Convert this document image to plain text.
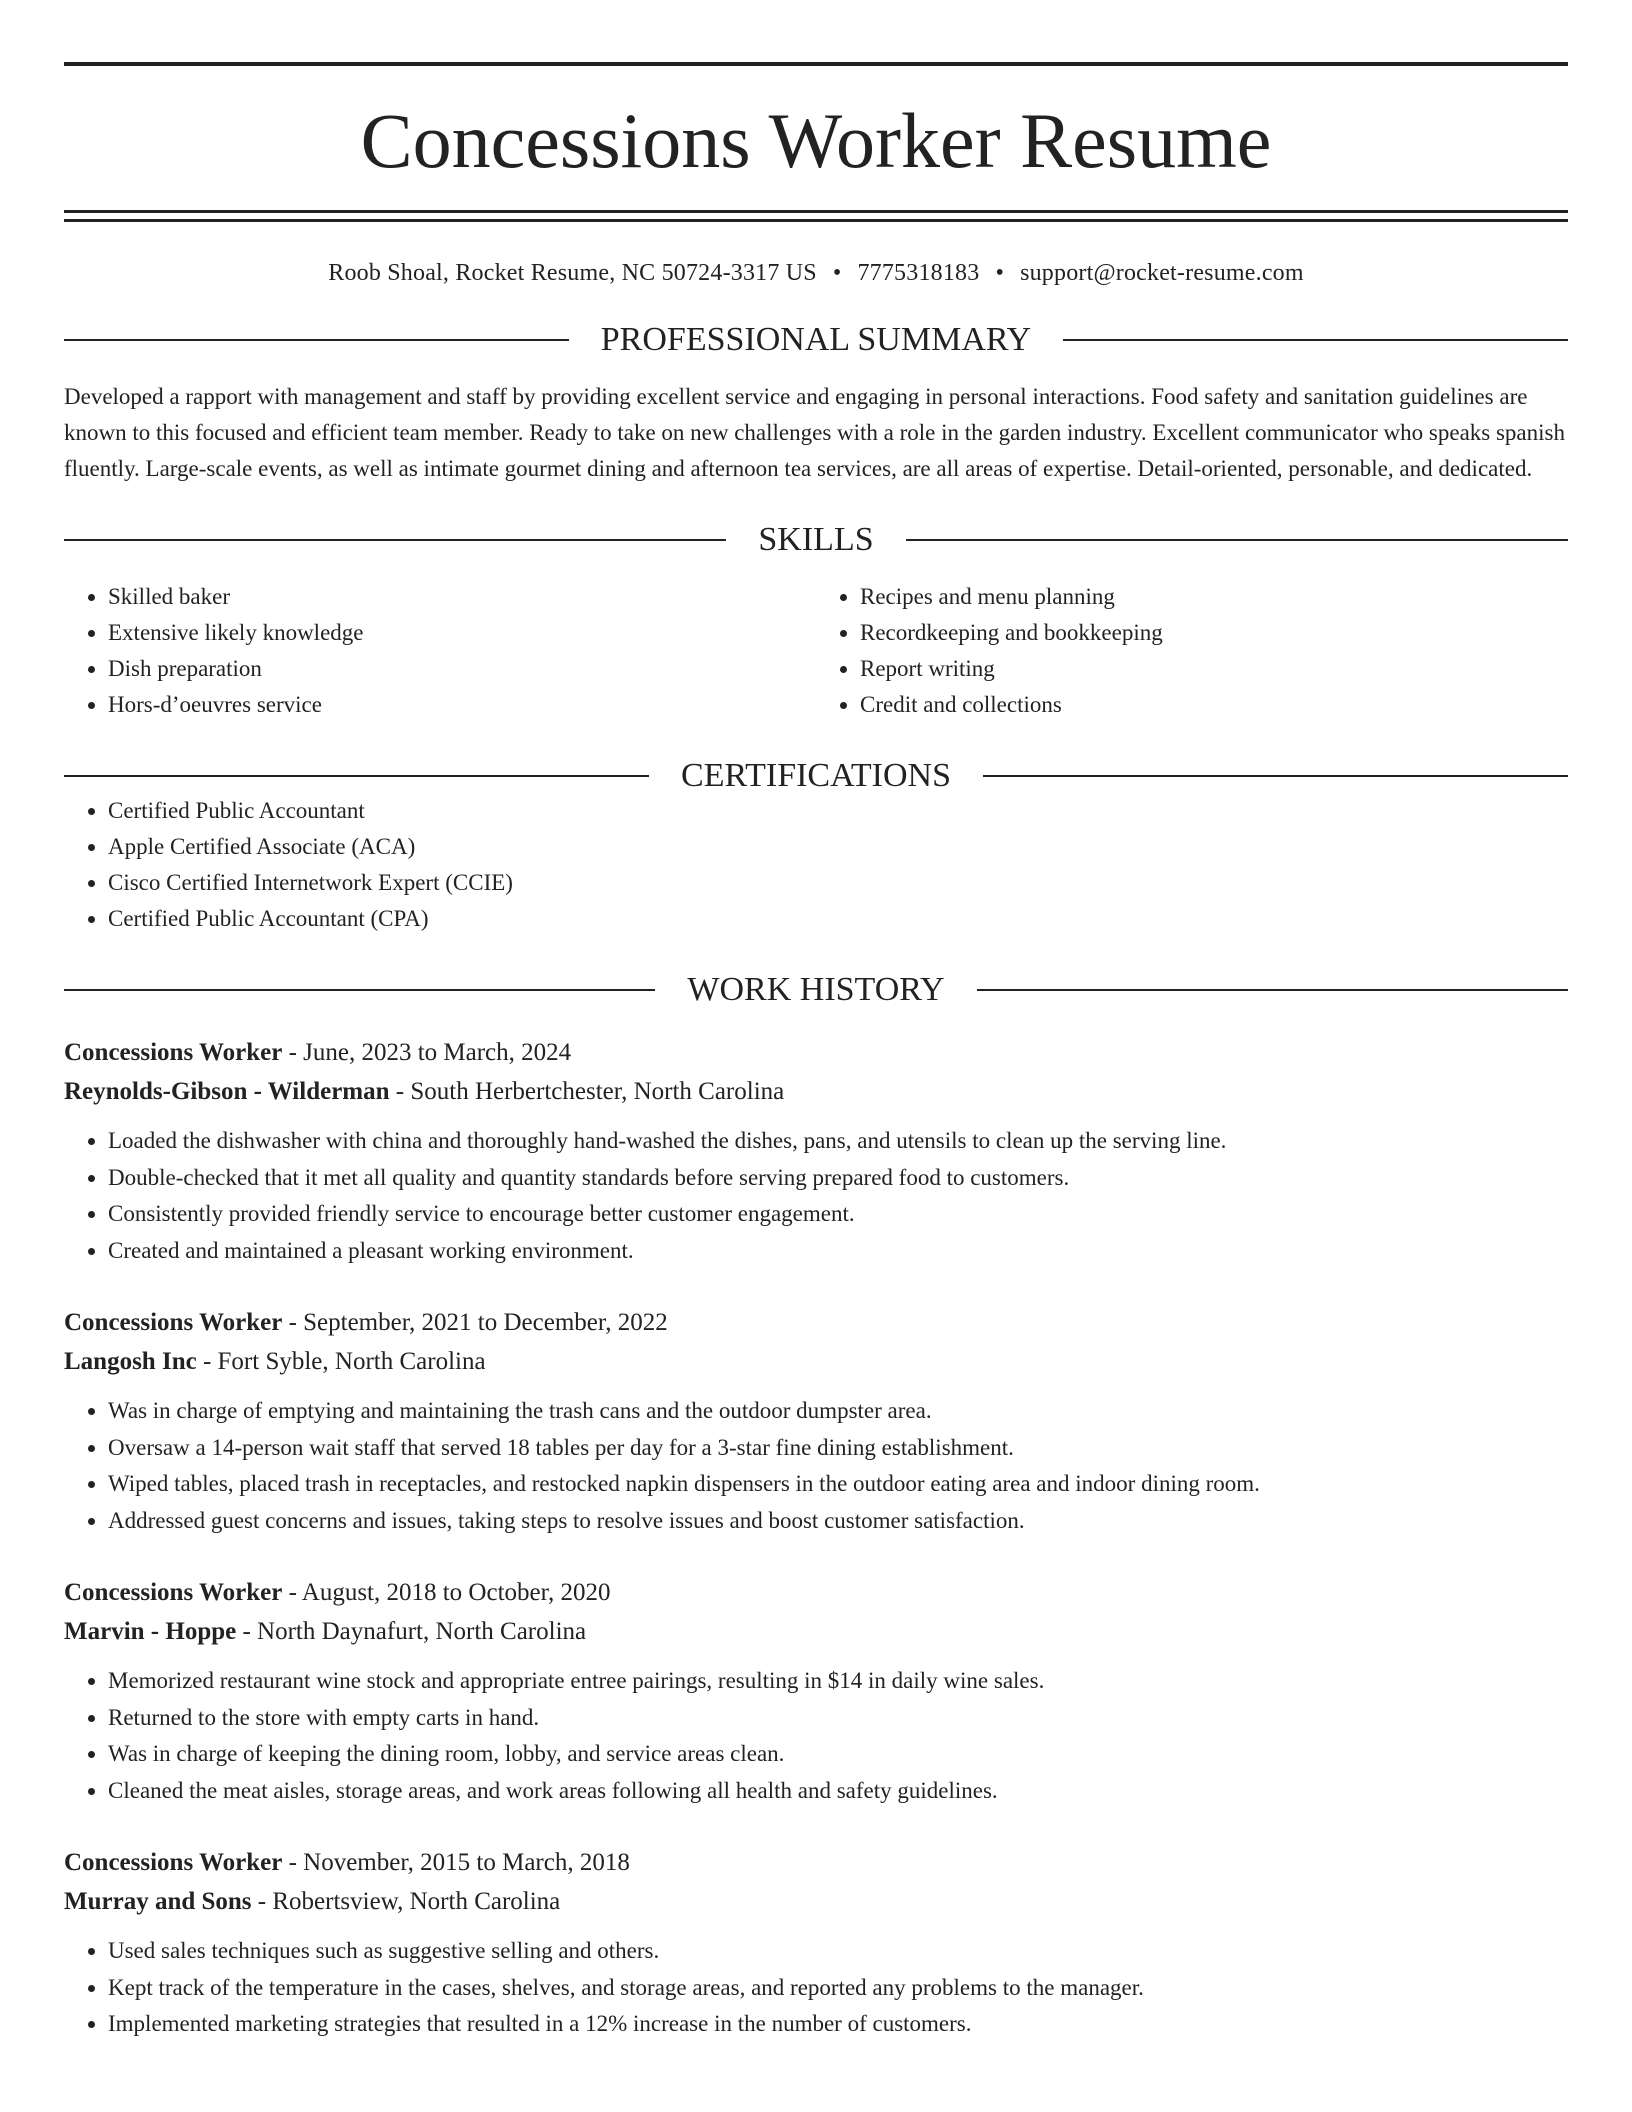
Concessions Worker Resume
Roob Shoal, Rocket Resume, NC 50724-3317 US • 7775318183 • support@rocket-resume.com
PROFESSIONAL SUMMARY

Developed a rapport with management and staff by providing excellent service and engaging in personal interactions. Food safety and sanitation guidelines are known to this focused and efficient team member. Ready to take on new challenges with a role in the garden industry. Excellent communicator who speaks spanish fluently. Large-scale events, as well as intimate gourmet dining and afternoon tea services, are all areas of expertise. Detail-oriented, personable, and dedicated.

SKILLS
• Skilled baker
• Extensive likely knowledge
• Dish preparation
• Hors-d’oeuvres service
• Recipes and menu planning
• Recordkeeping and bookkeeping
• Report writing
• Credit and collections
CERTIFICATIONS
• Certified Public Accountant
• Apple Certified Associate (ACA)
• Cisco Certified Internetwork Expert (CCIE)
• Certified Public Accountant (CPA)
WORK HISTORY
Concessions Worker - June, 2023 to March, 2024
Reynolds-Gibson - Wilderman - South Herbertchester, North Carolina
• Loaded the dishwasher with china and thoroughly hand-washed the dishes, pans, and utensils to clean up the serving line.
• Double-checked that it met all quality and quantity standards before serving prepared food to customers.
• Consistently provided friendly service to encourage better customer engagement.
• Created and maintained a pleasant working environment.
Concessions Worker - September, 2021 to December, 2022
Langosh Inc - Fort Syble, North Carolina
• Was in charge of emptying and maintaining the trash cans and the outdoor dumpster area.
• Oversaw a 14-person wait staff that served 18 tables per day for a 3-star fine dining establishment.
• Wiped tables, placed trash in receptacles, and restocked napkin dispensers in the outdoor eating area and indoor dining room.
• Addressed guest concerns and issues, taking steps to resolve issues and boost customer satisfaction.
Concessions Worker - August, 2018 to October, 2020
Marvin - Hoppe - North Daynafurt, North Carolina
• Memorized restaurant wine stock and appropriate entree pairings, resulting in $14 in daily wine sales.
• Returned to the store with empty carts in hand.
• Was in charge of keeping the dining room, lobby, and service areas clean.
• Cleaned the meat aisles, storage areas, and work areas following all health and safety guidelines.
Concessions Worker - November, 2015 to March, 2018
Murray and Sons - Robertsview, North Carolina
• Used sales techniques such as suggestive selling and others.
• Kept track of the temperature in the cases, shelves, and storage areas, and reported any problems to the manager.
• Implemented marketing strategies that resulted in a 12% increase in the number of customers.
